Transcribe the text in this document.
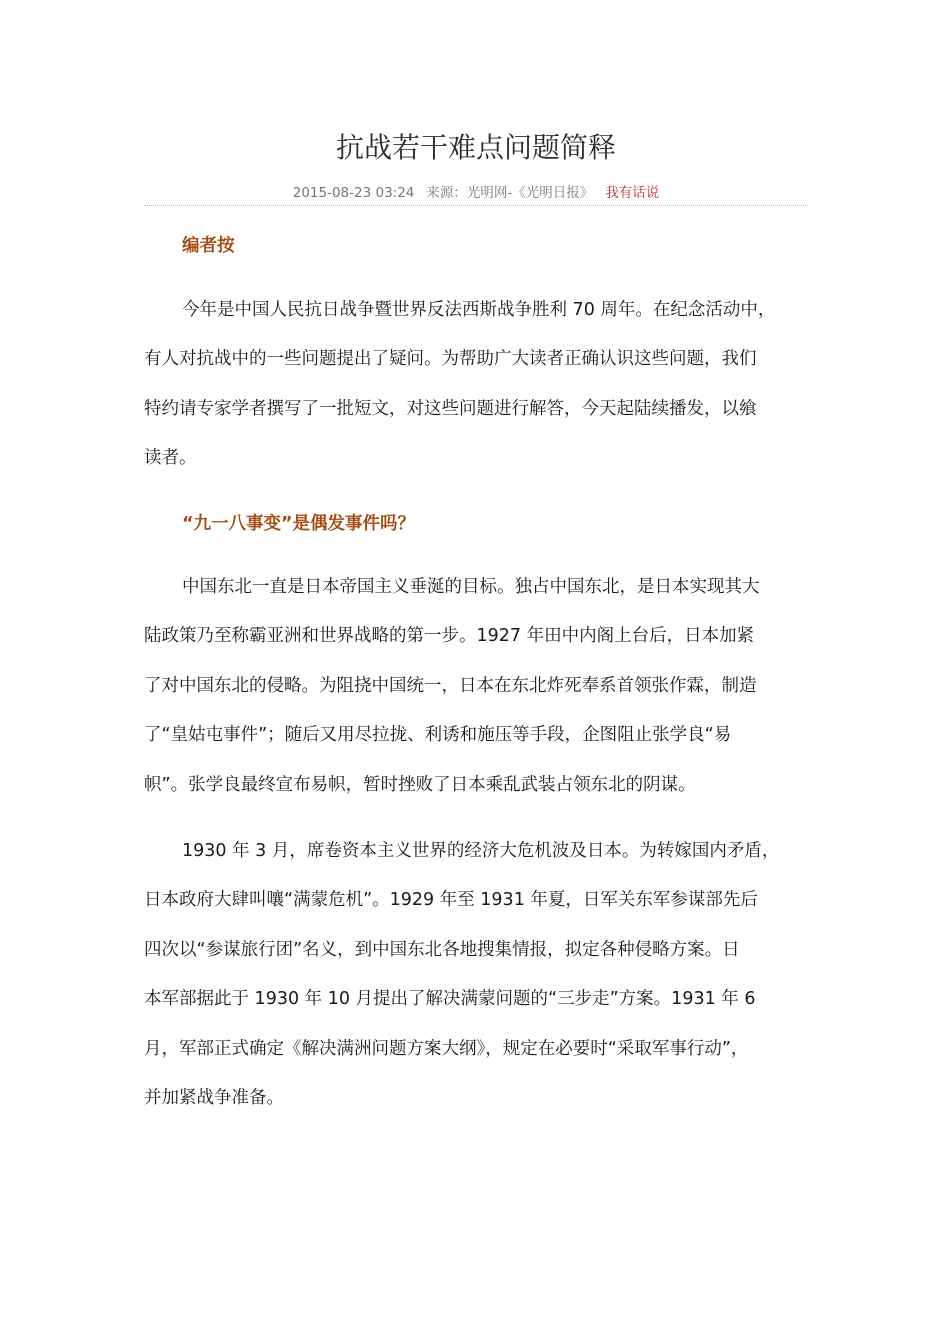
抗战若干难点问题简释
2015-08-23 03:24 来源：光明网-《光明日报》 我有话说
编者按

今年是中国人民抗日战争暨世界反法西斯战争胜利 70 周年。在纪念活动中，
有人对抗战中的一些问题提出了疑问。为帮助广大读者正确认识这些问题，我们
特约请专家学者撰写了一批短文，对这些问题进行解答，今天起陆续播发，以飨
读者。

“九一八事变”是偶发事件吗？

中国东北一直是日本帝国主义垂涎的目标。独占中国东北，是日本实现其大
陆政策乃至称霸亚洲和世界战略的第一步。1927 年田中内阁上台后，日本加紧
了对中国东北的侵略。为阻挠中国统一，日本在东北炸死奉系首领张作霖，制造
了“皇姑屯事件”；随后又用尽拉拢、利诱和施压等手段，企图阻止张学良“易
帜”。张学良最终宣布易帜，暂时挫败了日本乘乱武装占领东北的阴谋。

1930 年 3 月，席卷资本主义世界的经济大危机波及日本。为转嫁国内矛盾，
日本政府大肆叫嚷“满蒙危机”。1929 年至 1931 年夏，日军关东军参谋部先后
四次以“参谋旅行团”名义，到中国东北各地搜集情报，拟定各种侵略方案。日
本军部据此于 1930 年 10 月提出了解决满蒙问题的“三步走”方案。1931 年 6
月，军部正式确定《解决满洲问题方案大纲》，规定在必要时“采取军事行动”，
并加紧战争准备。
